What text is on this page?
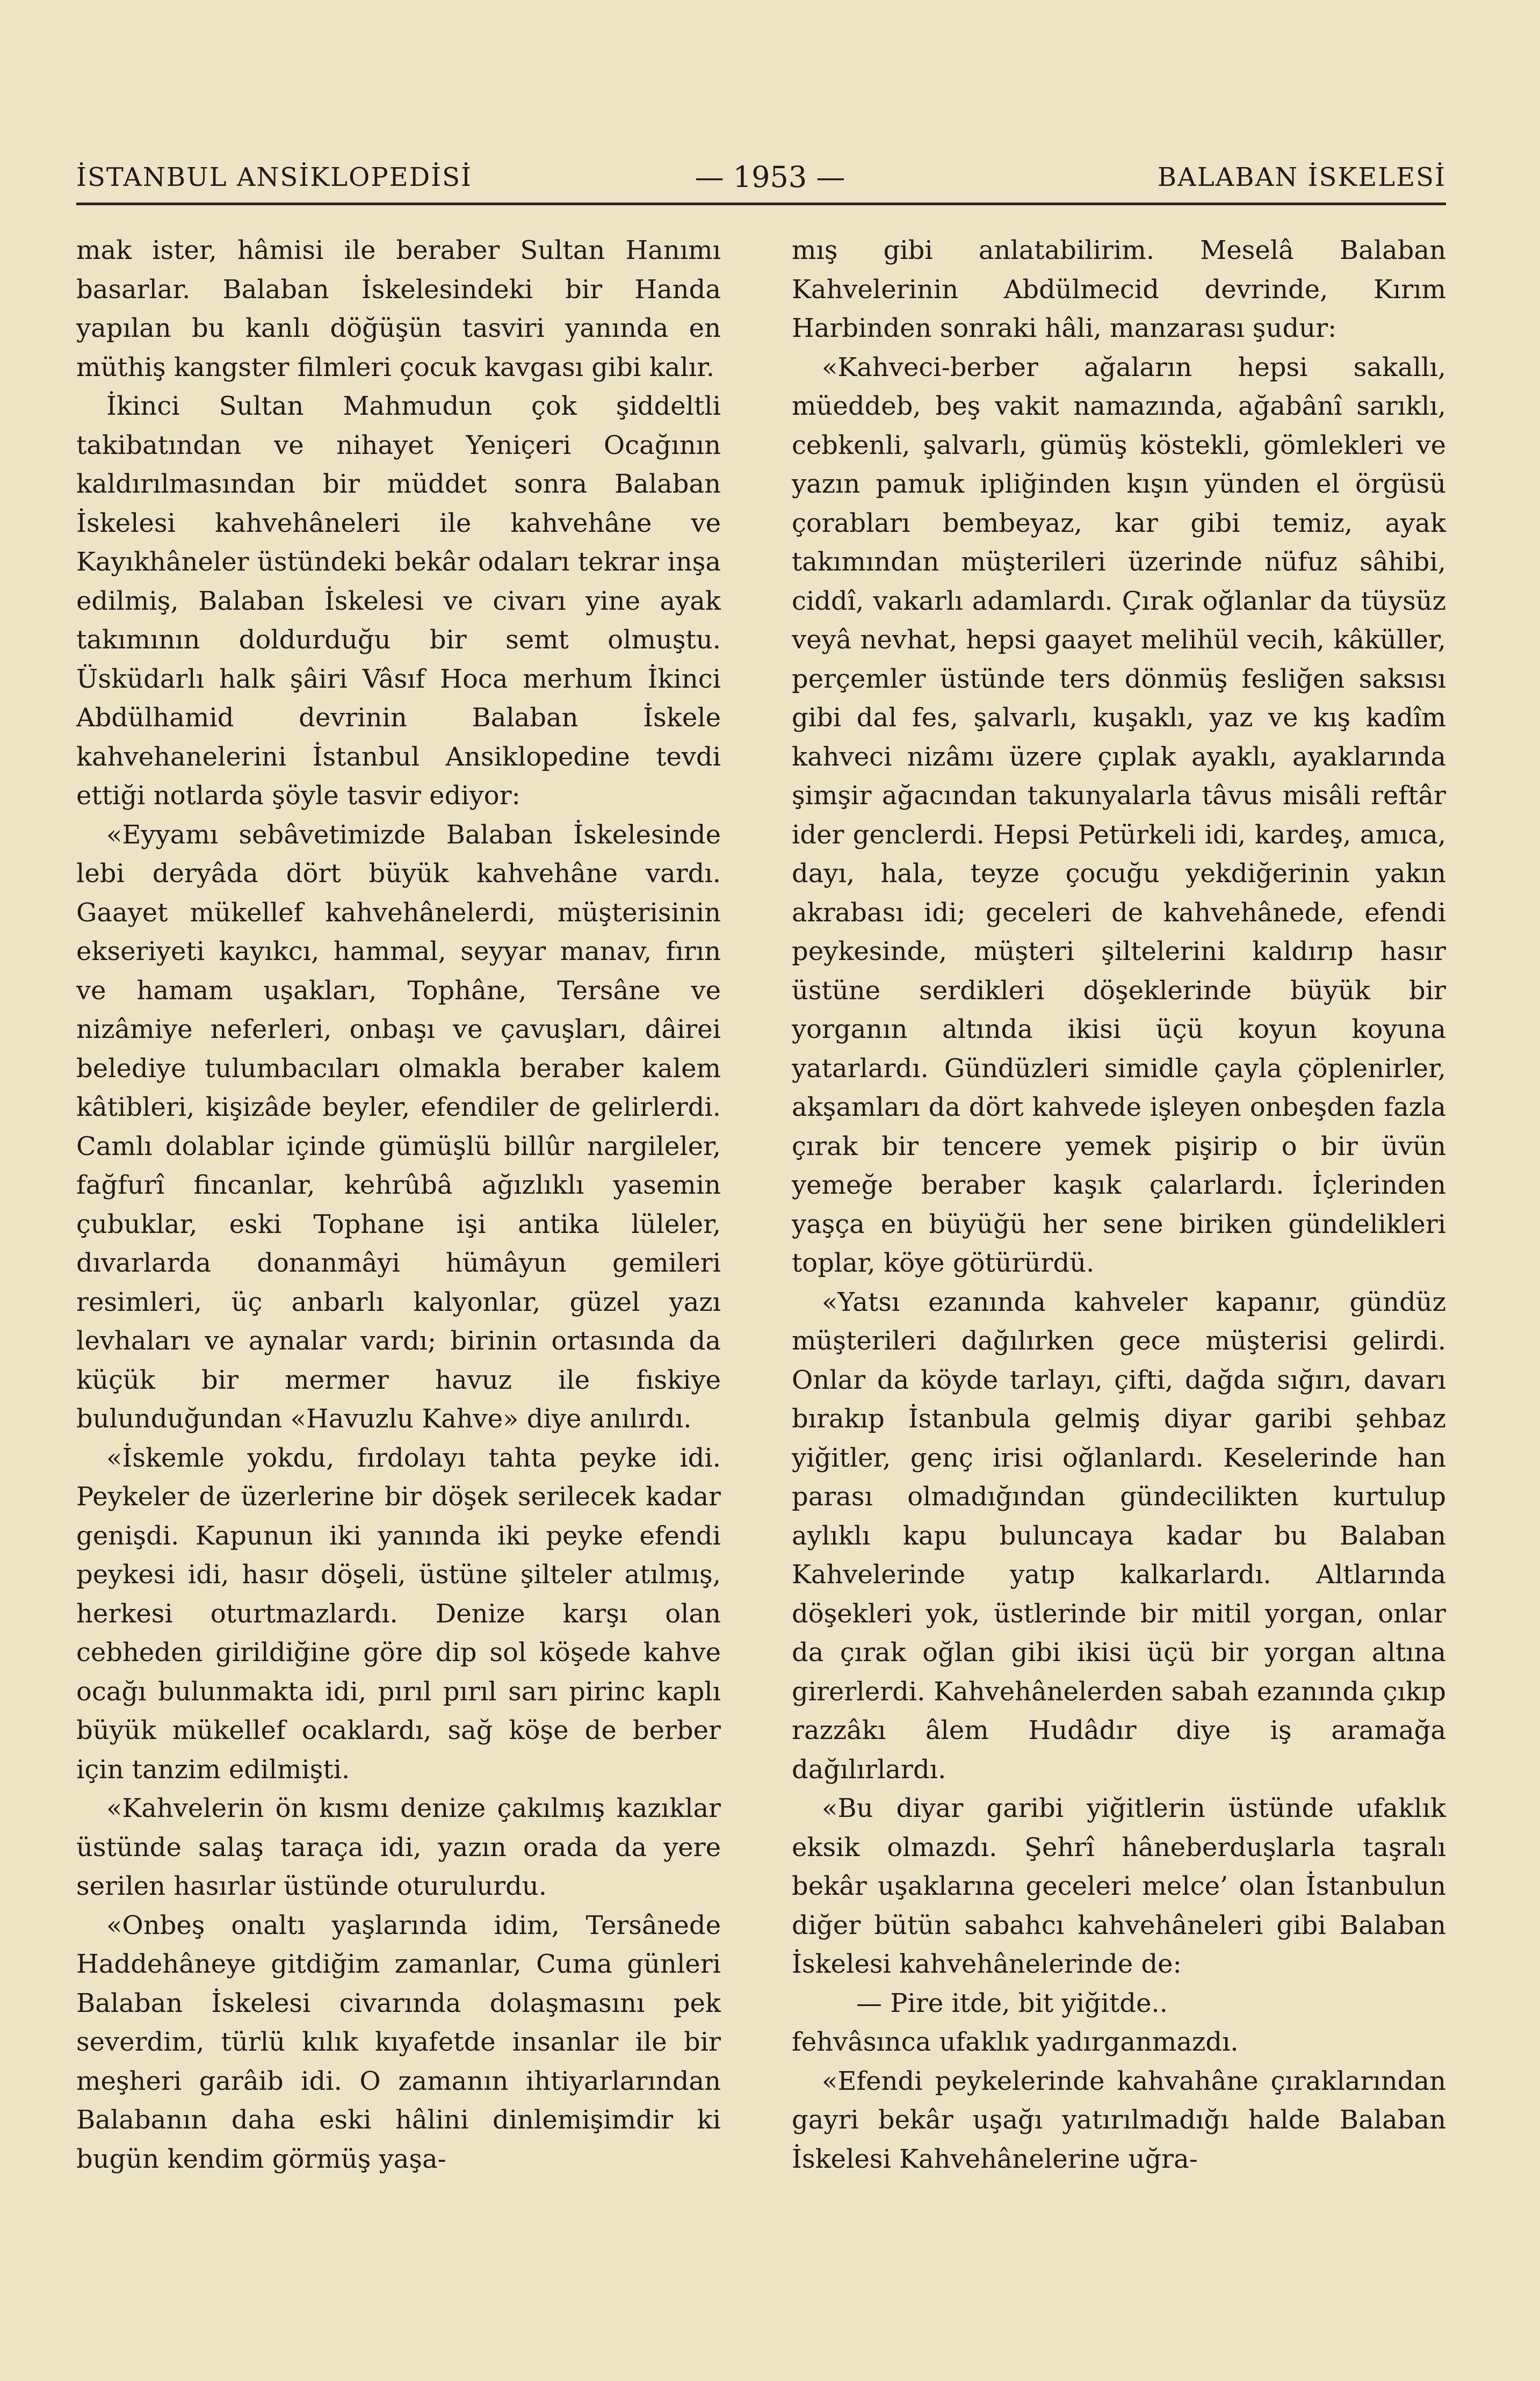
İSTANBUL ANSİKLOPEDİSİ	— 1953 —	BALABAN İSKELESİ

mak ister, hâmisi ile beraber Sultan Hanımı basarlar. Balaban İskelesindeki bir Handa yapılan bu kanlı döğüşün tasviri yanında en müthiş kangster filmleri çocuk kavgası gibi kalır.

İkinci Sultan Mahmudun çok şiddeltli takibatından ve nihayet Yeniçeri Ocağının kaldırılmasından bir müddet sonra Balaban İskelesi kahvehâneleri ile kahvehâne ve Kayıkhâneler üstündeki bekâr odaları tekrar inşa edilmiş, Balaban İskelesi ve civarı yine ayak takımının doldurduğu bir semt olmuştu. Üsküdarlı halk şâiri Vâsıf Hoca merhum İkinci Abdülhamid devrinin Balaban İskele kahvehanelerini İstanbul Ansiklopedine tevdi ettiği notlarda şöyle tasvir ediyor:

«Eyyamı sebâvetimizde Balaban İskelesinde lebi deryâda dört büyük kahvehâne vardı. Gaayet mükellef kahvehânelerdi, müşterisinin ekseriyeti kayıkcı, hammal, seyyar manav, fırın ve hamam uşakları, Tophâne, Tersâne ve nizâmiye neferleri, onbaşı ve çavuşları, dâirei belediye tulumbacıları olmakla beraber kalem kâtibleri, kişizâde beyler, efendiler de gelirlerdi. Camlı dolablar içinde gümüşlü billûr nargileler, fağfurî fincanlar, kehrûbâ ağızlıklı yasemin çubuklar, eski Tophane işi antika lüleler, dıvarlarda donanmâyi hümâyun gemileri resimleri, üç anbarlı kalyonlar, güzel yazı levhaları ve aynalar vardı; birinin ortasında da küçük bir mermer havuz ile fıskiye bulunduğundan «Havuzlu Kahve» diye anılırdı.

«İskemle yokdu, fırdolayı tahta peyke idi. Peykeler de üzerlerine bir döşek serilecek kadar genişdi. Kapunun iki yanında iki peyke efendi peykesi idi, hasır döşeli, üstüne şilteler atılmış, herkesi oturtmazlardı. Denize karşı olan cebheden girildiğine göre dip sol köşede kahve ocağı bulunmakta idi, pırıl pırıl sarı pirinc kaplı büyük mükellef ocaklardı, sağ köşe de berber için tanzim edilmişti.

«Kahvelerin ön kısmı denize çakılmış kazıklar üstünde salaş taraça idi, yazın orada da yere serilen hasırlar üstünde oturulurdu.

«Onbeş onaltı yaşlarında idim, Tersânede Haddehâneye gitdiğim zamanlar, Cuma günleri Balaban İskelesi civarında dolaşmasını pek severdim, türlü kılık kıyafetde insanlar ile bir meşheri garâib idi. O zamanın ihtiyarlarından Balabanın daha eski hâlini dinlemişimdir ki bugün kendim görmüş yaşa-

mış gibi anlatabilirim. Meselâ Balaban Kahvelerinin Abdülmecid devrinde, Kırım Harbinden sonraki hâli, manzarası şudur:

«Kahveci-berber ağaların hepsi sakallı, müeddeb, beş vakit namazında, ağabânî sarıklı, cebkenli, şalvarlı, gümüş köstekli, gömlekleri ve yazın pamuk ipliğinden kışın yünden el örgüsü çorabları bembeyaz, kar gibi temiz, ayak takımından müşterileri üzerinde nüfuz sâhibi, ciddî, vakarlı adamlardı. Çırak oğlanlar da tüysüz veyâ nevhat, hepsi gaayet melihül vecih, kâküller, perçemler üstünde ters dönmüş fesliğen saksısı gibi dal fes, şalvarlı, kuşaklı, yaz ve kış kadîm kahveci nizâmı üzere çıplak ayaklı, ayaklarında şimşir ağacından takunyalarla tâvus misâli reftâr ider genclerdi. Hepsi Petürkeli idi, kardeş, amıca, dayı, hala, teyze çocuğu yekdiğerinin yakın akrabası idi; geceleri de kahvehânede, efendi peykesinde, müşteri şiltelerini kaldırıp hasır üstüne serdikleri döşeklerinde büyük bir yorganın altında ikisi üçü koyun koyuna yatarlardı. Gündüzleri simidle çayla çöplenirler, akşamları da dört kahvede işleyen onbeşden fazla çırak bir tencere yemek pişirip o bir üvün yemeğe beraber kaşık çalarlardı. İçlerinden yaşça en büyüğü her sene biriken gündelikleri toplar, köye götürürdü.

«Yatsı ezanında kahveler kapanır, gündüz müşterileri dağılırken gece müşterisi gelirdi. Onlar da köyde tarlayı, çifti, dağda sığırı, davarı bırakıp İstanbula gelmiş diyar garibi şehbaz yiğitler, genç irisi oğlanlardı. Keselerinde han parası olmadığından gündecilikten kurtulup aylıklı kapu buluncaya kadar bu Balaban Kahvelerinde yatıp kalkarlardı. Altlarında döşekleri yok, üstlerinde bir mitil yorgan, onlar da çırak oğlan gibi ikisi üçü bir yorgan altına girerlerdi. Kahvehânelerden sabah ezanında çıkıp razzâkı âlem Hudâdır diye iş aramağa dağılırlardı.

«Bu diyar garibi yiğitlerin üstünde ufaklık eksik olmazdı. Şehrî hâneberduşlarla taşralı bekâr uşaklarına geceleri melce’ olan İstanbulun diğer bütün sabahcı kahvehâneleri gibi Balaban İskelesi kahvehânelerinde de:

— Pire itde, bit yiğitde..

fehvâsınca ufaklık yadırganmazdı.

«Efendi peykelerinde kahvahâne çıraklarından gayri bekâr uşağı yatırılmadığı halde Balaban İskelesi Kahvehânelerine uğra-
